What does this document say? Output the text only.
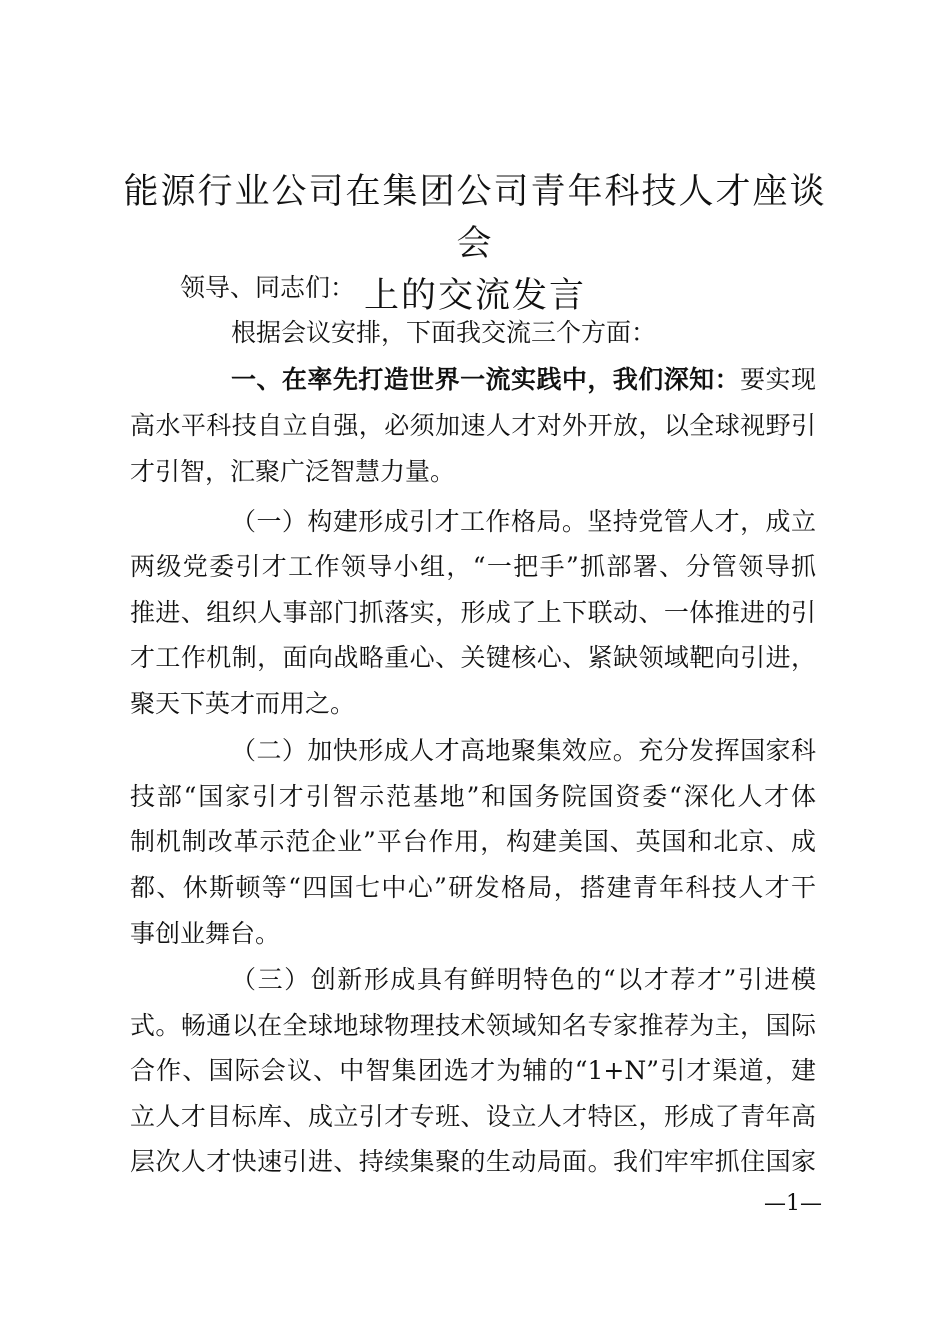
能源行业公司在集团公司青年科技人才座谈会
上的交流发言
领导、同志们：
根据会议安排，下面我交流三个方面：
一、在率先打造世界一流实践中，我们深知：要实现
高水平科技自立自强，必须加速人才对外开放，以全球视野引
才引智，汇聚广泛智慧力量。
（一）构建形成引才工作格局。坚持党管人才，成立
两级党委引才工作领导小组，“一把手”抓部署、分管领导抓
推进、组织人事部门抓落实，形成了上下联动、一体推进的引
才工作机制，面向战略重心、关键核心、紧缺领域靶向引进，
聚天下英才而用之。
（二）加快形成人才高地聚集效应。充分发挥国家科
技部“国家引才引智示范基地”和国务院国资委“深化人才体
制机制改革示范企业”平台作用，构建美国、英国和北京、成
都、休斯顿等“四国七中心”研发格局，搭建青年科技人才干
事创业舞台。
（三）创新形成具有鲜明特色的“以才荐才”引进模
式。畅通以在全球地球物理技术领域知名专家推荐为主，国际
合作、国际会议、中智集团选才为辅的“1+N”引才渠道，建
立人才目标库、成立引才专班、设立人才特区，形成了青年高
层次人才快速引进、持续集聚的生动局面。我们牢牢抓住国家
—1—
